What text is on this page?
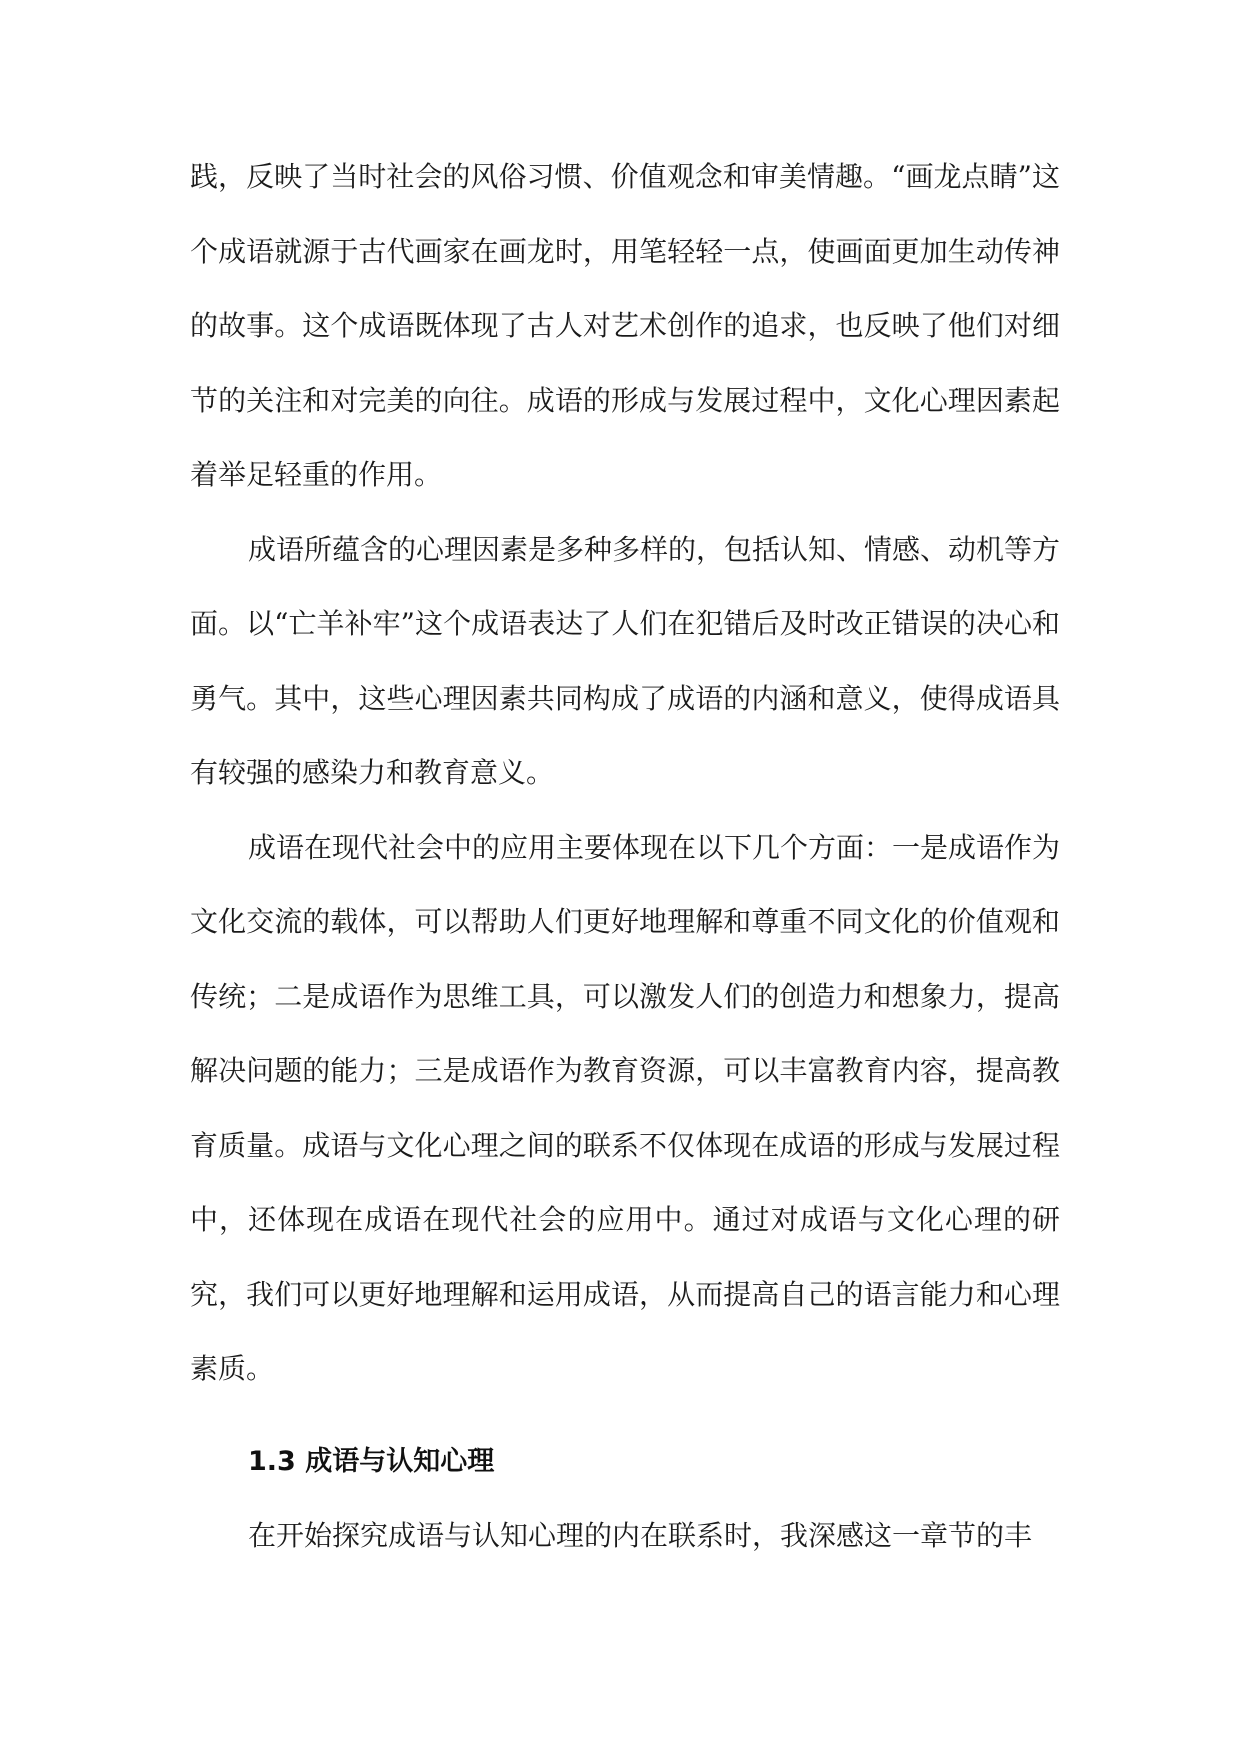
践，反映了当时社会的风俗习惯、价值观念和审美情趣。“画龙点睛”这个成语就源于古代画家在画龙时，用笔轻轻一点，使画面更加生动传神的故事。这个成语既体现了古人对艺术创作的追求，也反映了他们对细节的关注和对完美的向往。成语的形成与发展过程中，文化心理因素起着举足轻重的作用。

成语所蕴含的心理因素是多种多样的，包括认知、情感、动机等方面。以“亡羊补牢”这个成语表达了人们在犯错后及时改正错误的决心和勇气。其中，这些心理因素共同构成了成语的内涵和意义，使得成语具有较强的感染力和教育意义。

成语在现代社会中的应用主要体现在以下几个方面：一是成语作为文化交流的载体，可以帮助人们更好地理解和尊重不同文化的价值观和传统；二是成语作为思维工具，可以激发人们的创造力和想象力，提高解决问题的能力；三是成语作为教育资源，可以丰富教育内容，提高教育质量。成语与文化心理之间的联系不仅体现在成语的形成与发展过程中，还体现在成语在现代社会的应用中。通过对成语与文化心理的研究，我们可以更好地理解和运用成语，从而提高自己的语言能力和心理素质。

1.3 成语与认知心理

在开始探究成语与认知心理的内在联系时，我深感这一章节的丰
